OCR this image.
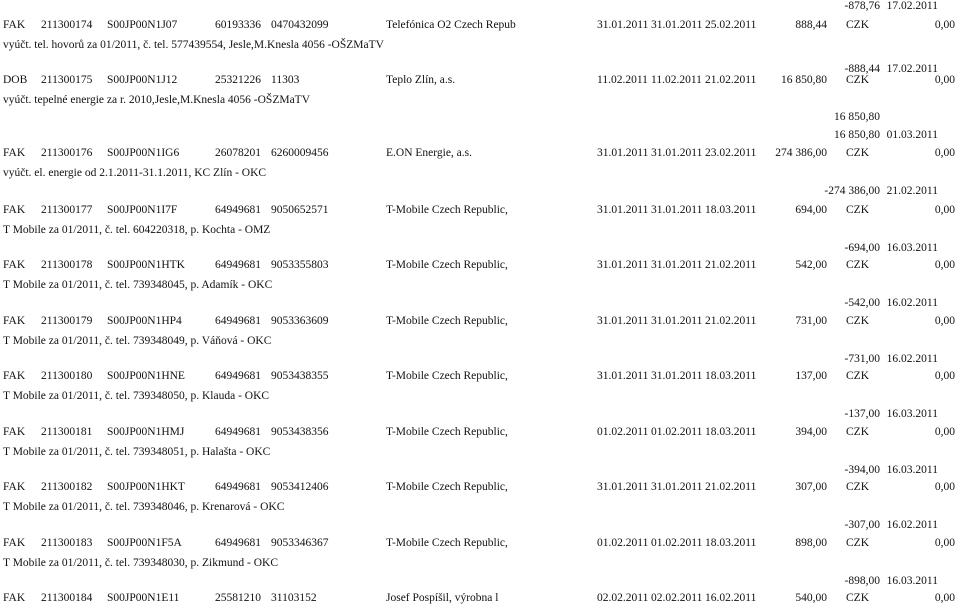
-878,76 17.02.2011
FAK 211300174 S00JP00N1J07	60193336 0470432099	Telefónica O2 Czech Repub	31.01.2011 31.01.2011 25.02.2011	888,44 CZK	0,00
vyúčt. tel. hovorů za 01/2011, č. tel. 577439554, Jesle,M.Knesla 4056 -OŠZMaTV
-888,44 17.02.2011
DOB 211300175 S00JP00N1J12	25321226 11303	Teplo Zlín, a.s.	11.02.2011 11.02.2011 21.02.2011 16 850,80 CZK	0,00
vyúčt. tepelné energie za r. 2010,Jesle,M.Knesla 4056 -OŠZMaTV
16 850,80
16 850,80 01.03.2011
FAK 211300176 S00JP00N1IG6	26078201 6260009456	E.ON Energie, a.s.	31.01.2011 31.01.2011 23.02.2011 274 386,00 CZK	0,00
vyúčt. el. energie od 2.1.2011-31.1.2011, KC Zlín - OKC
-274 386,00 21.02.2011
FAK 211300177 S00JP00N1I7F	64949681 9050652571	T-Mobile Czech Republic,	31.01.2011 31.01.2011 18.03.2011	694,00 CZK	0,00
T Mobile za 01/2011, č. tel. 604220318, p. Kochta - OMZ
-694,00 16.03.2011
FAK 211300178 S00JP00N1HTK	64949681 9053355803	T-Mobile Czech Republic,	31.01.2011 31.01.2011 21.02.2011	542,00 CZK	0,00
T Mobile za 01/2011, č. tel. 739348045, p. Adamík - OKC
-542,00 16.02.2011
FAK 211300179 S00JP00N1HP4	64949681 9053363609	T-Mobile Czech Republic,	31.01.2011 31.01.2011 21.02.2011	731,00 CZK	0,00
T Mobile za 01/2011, č. tel. 739348049, p. Váňová - OKC
-731,00 16.02.2011
FAK 211300180 S00JP00N1HNE	64949681 9053438355	T-Mobile Czech Republic,	31.01.2011 31.01.2011 18.03.2011	137,00 CZK	0,00
T Mobile za 01/2011, č. tel. 739348050, p. Klauda - OKC
-137,00 16.03.2011
FAK 211300181 S00JP00N1HMJ	64949681 9053438356	T-Mobile Czech Republic,	01.02.2011 01.02.2011 18.03.2011	394,00 CZK	0,00
T Mobile za 01/2011, č. tel. 739348051, p. Halašta - OKC
-394,00 16.03.2011
FAK 211300182 S00JP00N1HKT	64949681 9053412406	T-Mobile Czech Republic,	31.01.2011 31.01.2011 21.02.2011	307,00 CZK	0,00
T Mobile za 01/2011, č. tel. 739348046, p. Krenarová - OKC
-307,00 16.02.2011
FAK 211300183 S00JP00N1F5A	64949681 9053346367	T-Mobile Czech Republic,	01.02.2011 01.02.2011 18.03.2011	898,00 CZK	0,00
T Mobile za 01/2011, č. tel. 739348030, p. Zikmund - OKC
-898,00 16.03.2011
FAK 211300184 S00JP00N1E11	25581210 31103152	Josef Pospíšil, výrobna l	02.02.2011 02.02.2011 16.02.2011	540,00 CZK	0,00
